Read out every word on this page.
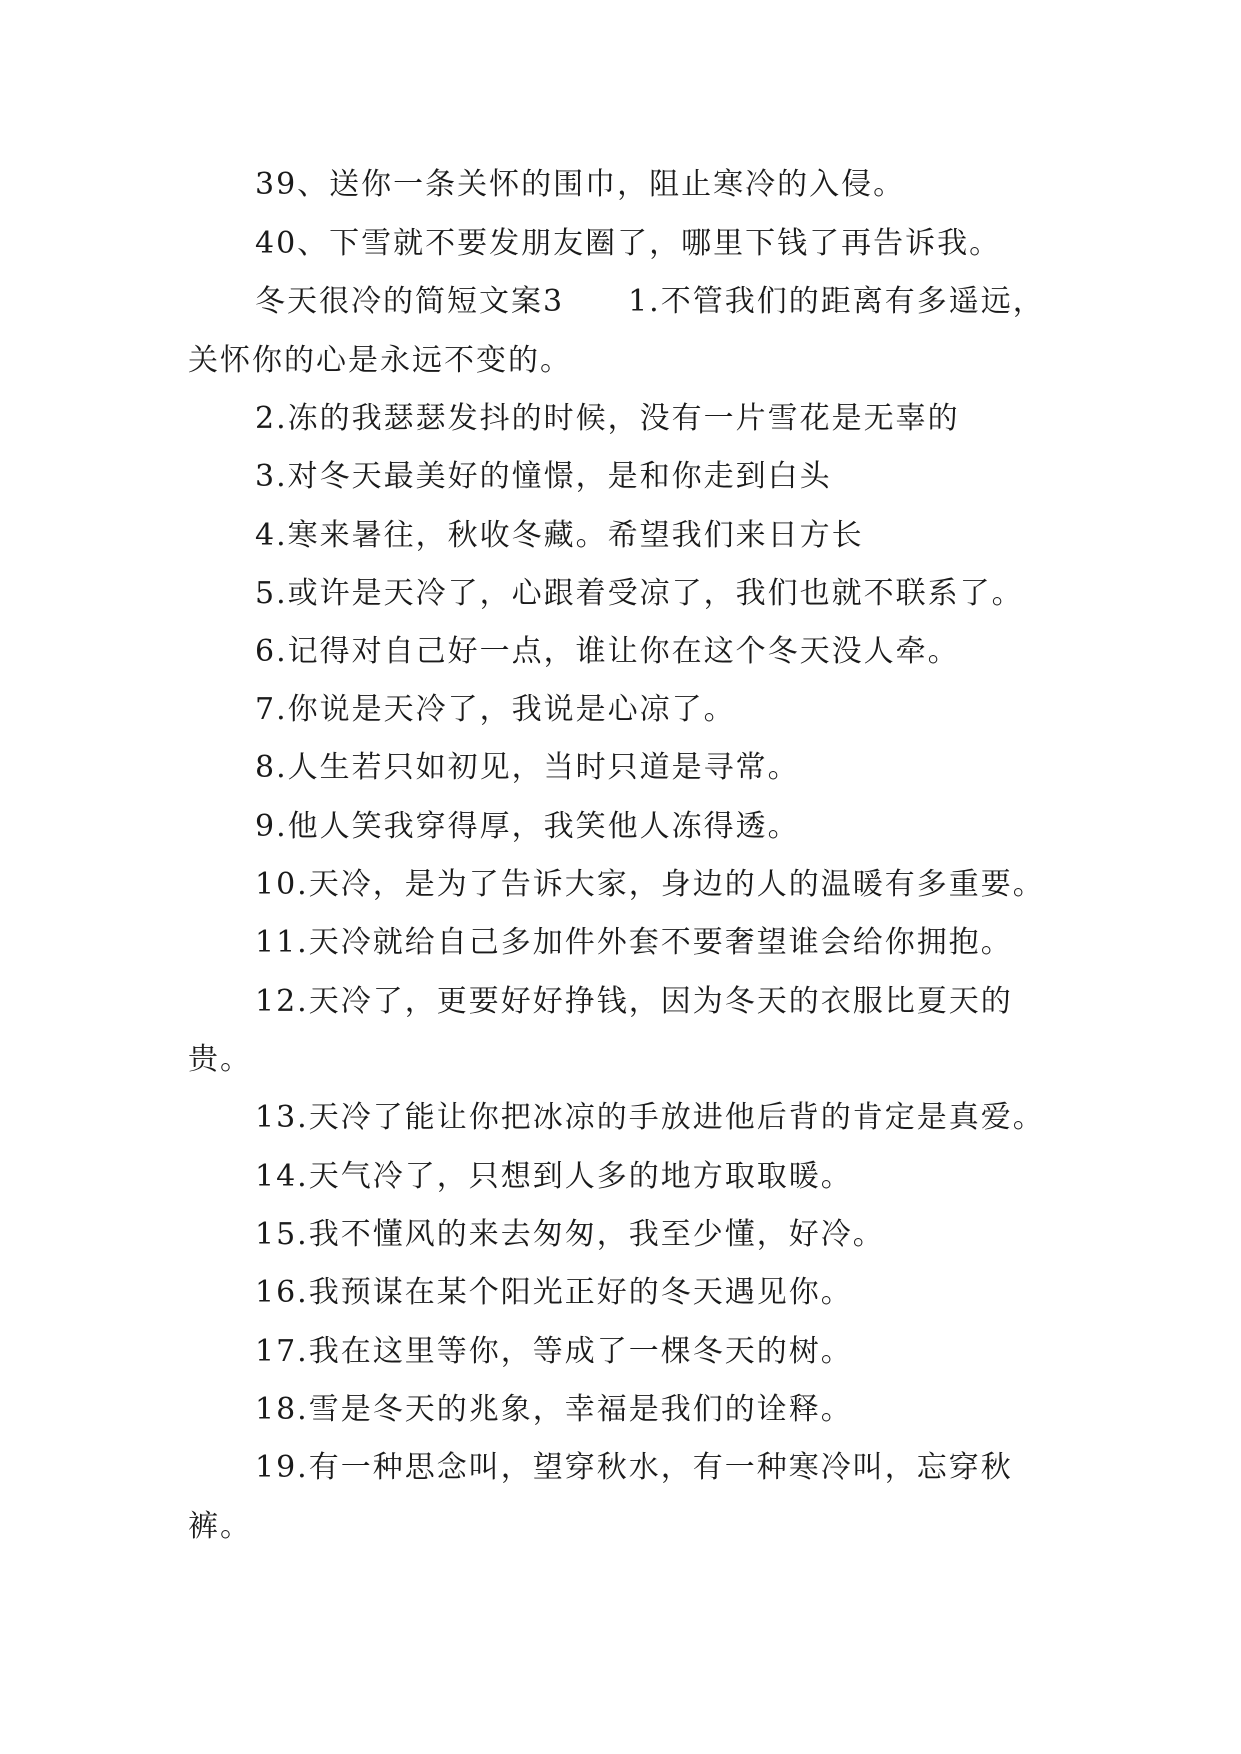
39、送你一条关怀的围巾，阻止寒冷的入侵。

40、下雪就不要发朋友圈了，哪里下钱了再告诉我。

冬天很冷的简短文案3 1.不管我们的距离有多遥远，

关怀你的心是永远不变的。

2.冻的我瑟瑟发抖的时候，没有一片雪花是无辜的

3.对冬天最美好的憧憬，是和你走到白头

4.寒来暑往，秋收冬藏。希望我们来日方长

5.或许是天冷了，心跟着受凉了，我们也就不联系了。

6.记得对自己好一点，谁让你在这个冬天没人牵。

7.你说是天冷了，我说是心凉了。

8.人生若只如初见，当时只道是寻常。

9.他人笑我穿得厚，我笑他人冻得透。

10.天冷，是为了告诉大家，身边的人的温暖有多重要。

11.天冷就给自己多加件外套不要奢望谁会给你拥抱。

12.天冷了，更要好好挣钱，因为冬天的衣服比夏天的

贵。

13.天冷了能让你把冰凉的手放进他后背的肯定是真爱。

14.天气冷了，只想到人多的地方取取暖。

15.我不懂风的来去匆匆，我至少懂，好冷。

16.我预谋在某个阳光正好的冬天遇见你。

17.我在这里等你，等成了一棵冬天的树。

18.雪是冬天的兆象，幸福是我们的诠释。

19.有一种思念叫，望穿秋水，有一种寒冷叫，忘穿秋

裤。
